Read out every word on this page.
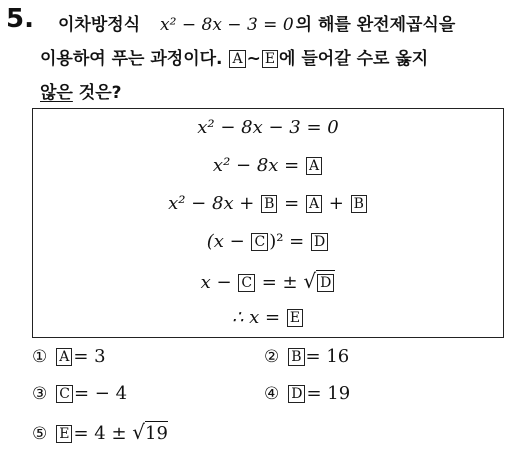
5. 이차방정식 x² − 8x − 3 = 0 의 해를 완전제곱식을
이용하여 푸는 과정이다. A ~ E 에 들어갈 수로 옳지
않은 것은?
x² − 8x − 3 = 0
x² − 8x = A
x² − 8x + B = A + B
(x − C )² = D
x − C = ± √ D
∴ x = E
① A = 3	② B = 16
③ C = − 4	④ D = 19
⑤ E = 4 ± √19
